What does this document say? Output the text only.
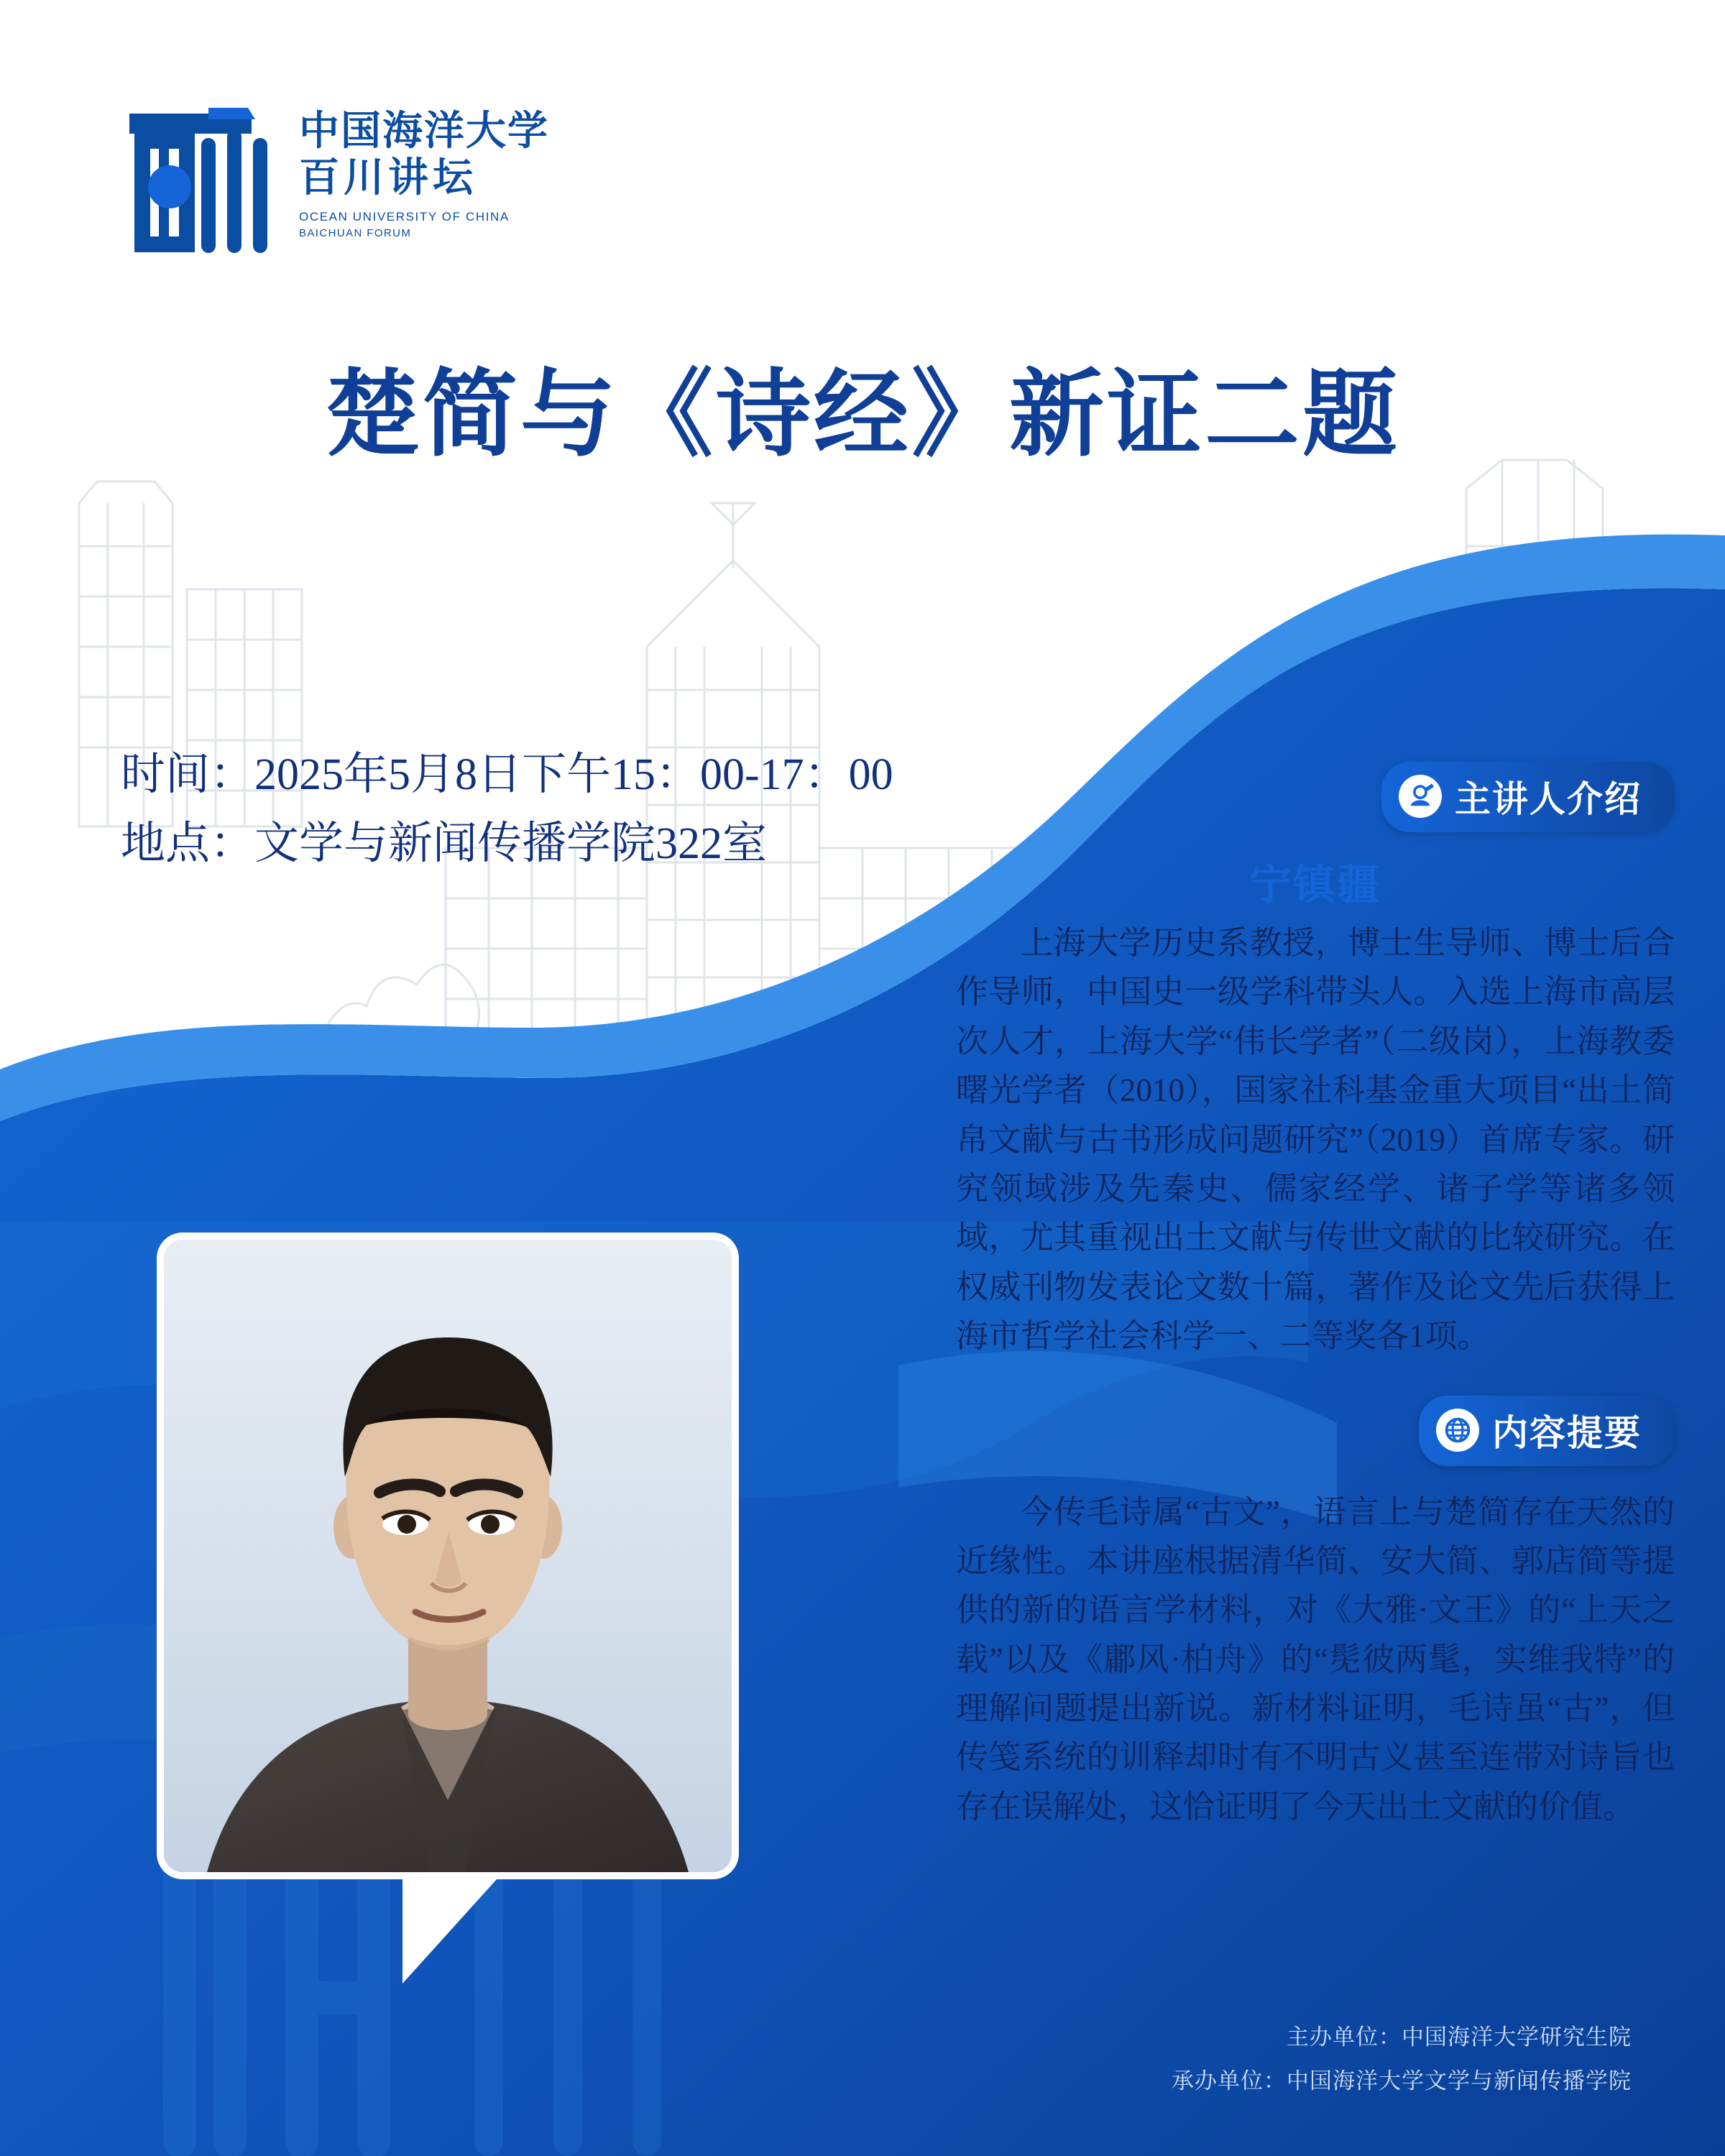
中国海洋大学
百川讲坛
OCEAN UNIVERSITY OF CHINA
BAICHUAN FORUM
楚简与《诗经》新证二题
时间：2025年5月8日下午15：00-17：00
地点：文学与新闻传播学院322室
主讲人介绍
宁镇疆
上海大学历史系教授，博士生导师、博士后合作导师，中国史一级学科带头人。入选上海市高层次人才，上海大学“伟长学者”（二级岗），上海教委曙光学者（2010），国家社科基金重大项目“出土简帛文献与古书形成问题研究”（2019）首席专家。研究领域涉及先秦史、儒家经学、诸子学等诸多领域，尤其重视出土文献与传世文献的比较研究。在权威刊物发表论文数十篇，著作及论文先后获得上海市哲学社会科学一、二等奖各1项。
内容提要
今传毛诗属“古文”，语言上与楚简存在天然的近缘性。本讲座根据清华简、安大简、郭店简等提供的新的语言学材料，对《大雅·文王》的“上天之载”以及《鄘风·柏舟》的“髧彼两髦，实维我特”的理解问题提出新说。新材料证明，毛诗虽“古”，但传笺系统的训释却时有不明古义甚至连带对诗旨也存在误解处，这恰证明了今天出土文献的价值。
主办单位：中国海洋大学研究生院
承办单位：中国海洋大学文学与新闻传播学院
